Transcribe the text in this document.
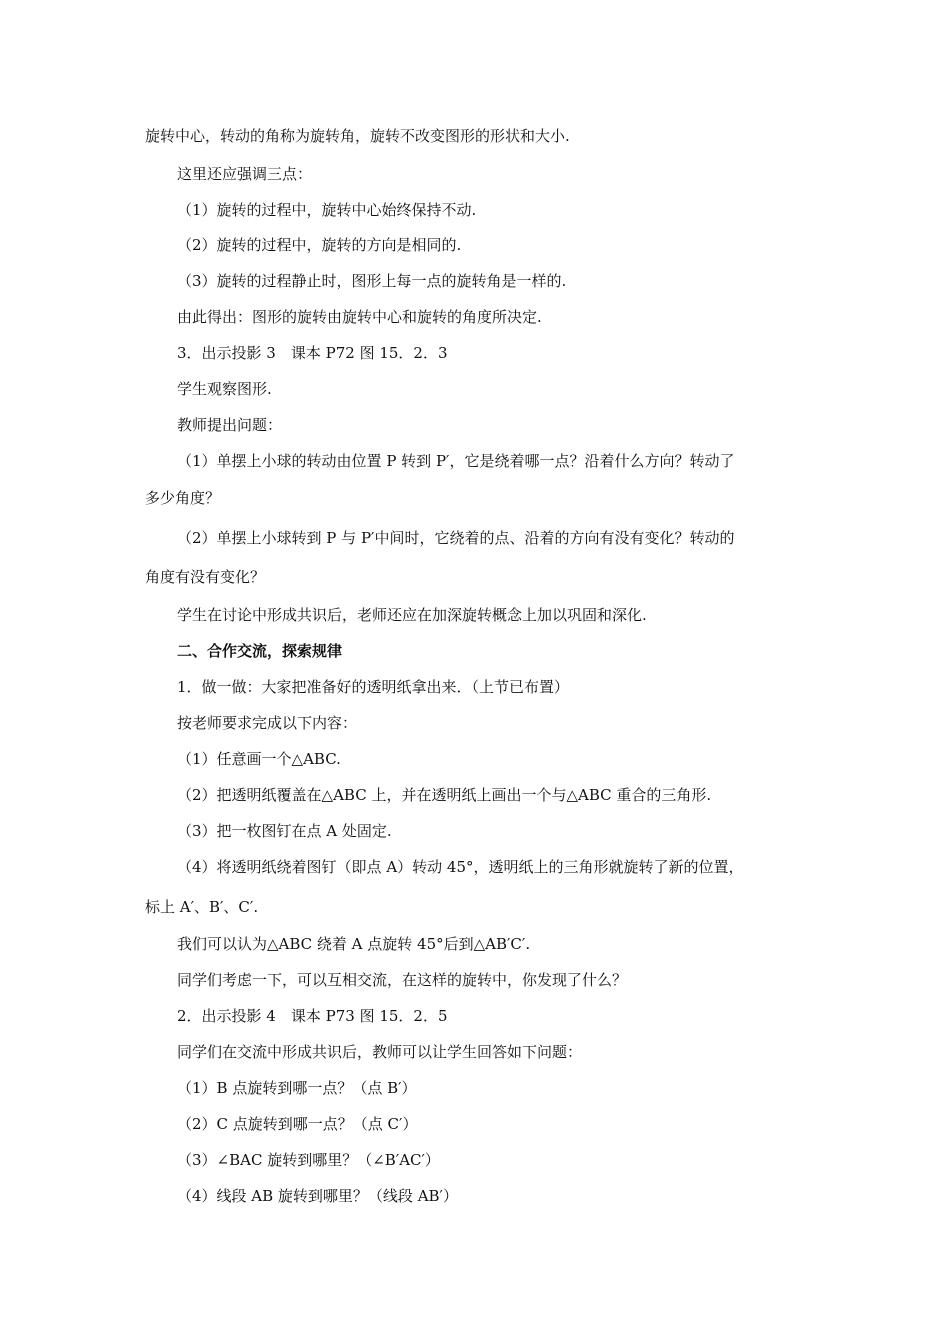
旋转中心，转动的角称为旋转角，旋转不改变图形的形状和大小.
这里还应强调三点：
（1）旋转的过程中，旋转中心始终保持不动.
（2）旋转的过程中，旋转的方向是相同的.
（3）旋转的过程静止时，图形上每一点的旋转角是一样的.
由此得出：图形的旋转由旋转中心和旋转的角度所决定.
3．出示投影 3　课本 P72 图 15．2．3
学生观察图形.
教师提出问题：
（1）单摆上小球的转动由位置 P 转到 P′，它是绕着哪一点？沿着什么方向？转动了
多少角度？
（2）单摆上小球转到 P 与 P′中间时，它绕着的点、沿着的方向有没有变化？转动的
角度有没有变化？
学生在讨论中形成共识后，老师还应在加深旋转概念上加以巩固和深化.
二、合作交流，探索规律
1．做一做：大家把准备好的透明纸拿出来．（上节已布置）
按老师要求完成以下内容：
（1）任意画一个△ABC.
（2）把透明纸覆盖在△ABC 上，并在透明纸上画出一个与△ABC 重合的三角形.
（3）把一枚图钉在点 A 处固定.
（4）将透明纸绕着图钉（即点 A）转动 45°，透明纸上的三角形就旋转了新的位置，
标上 A′、B′、C′.
我们可以认为△ABC 绕着 A 点旋转 45°后到△AB′C′.
同学们考虑一下，可以互相交流，在这样的旋转中，你发现了什么？
2．出示投影 4　课本 P73 图 15．2．5
同学们在交流中形成共识后，教师可以让学生回答如下问题：
（1）B 点旋转到哪一点？（点 B′）
（2）C 点旋转到哪一点？（点 C′）
（3）∠BAC 旋转到哪里？（∠B′AC′）
（4）线段 AB 旋转到哪里？（线段 AB′）
